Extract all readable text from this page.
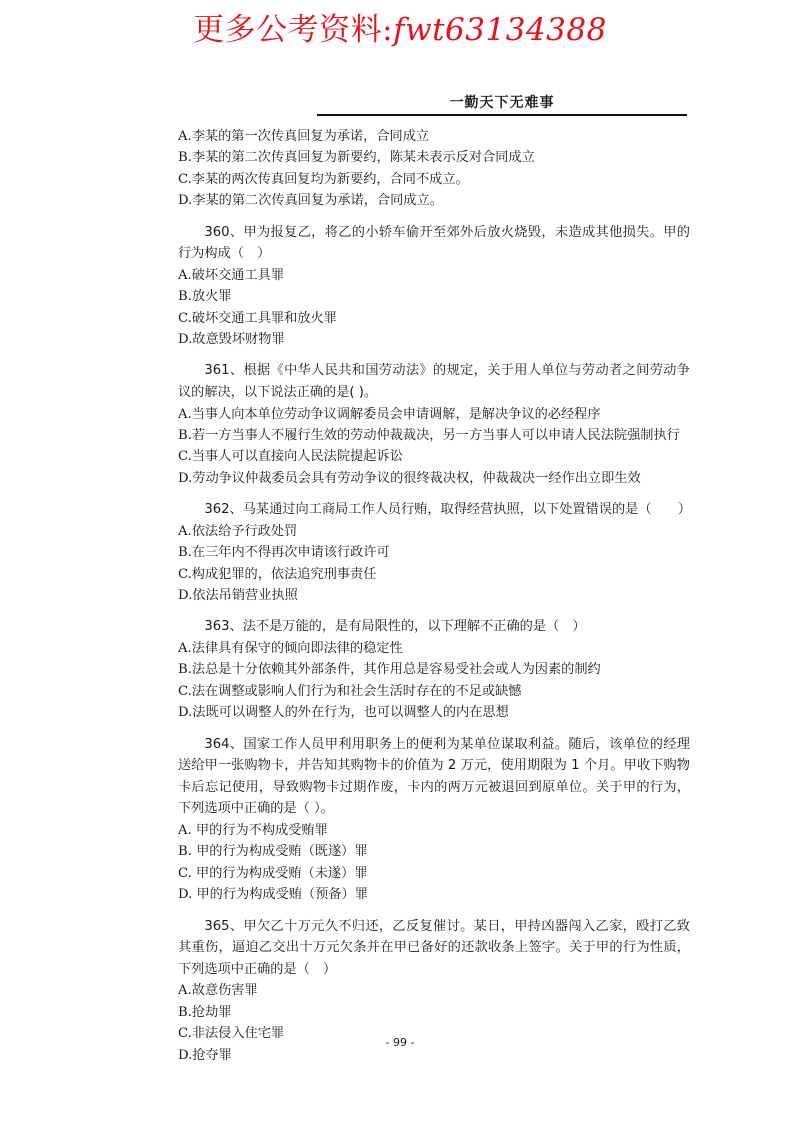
更多公考资料:fwt63134388
一勤天下无难事

A.李某的第一次传真回复为承诺，合同成立

B.李某的第二次传真回复为新要约，陈某未表示反对合同成立

C.李某的两次传真回复均为新要约，合同不成立。

D.李某的第二次传真回复为承诺，合同成立。

360、甲为报复乙，将乙的小轿车偷开至郊外后放火烧毁，未造成其他损失。甲的行为构成（　）

A.破坏交通工具罪

B.放火罪

C.破坏交通工具罪和放火罪

D.故意毁坏财物罪

361、根据《中华人民共和国劳动法》的规定，关于用人单位与劳动者之间劳动争议的解决，以下说法正确的是( )。

A.当事人向本单位劳动争议调解委员会申请调解，是解决争议的必经程序

B.若一方当事人不履行生效的劳动仲裁裁决，另一方当事人可以申请人民法院强制执行

C.当事人可以直接向人民法院提起诉讼

D.劳动争议仲裁委员会具有劳动争议的很终裁决权，仲裁裁决一经作出立即生效

362、马某通过向工商局工作人员行贿，取得经营执照，以下处置错误的是（　　）

A.依法给予行政处罚

B.在三年内不得再次申请该行政许可

C.构成犯罪的，依法追究刑事责任

D.依法吊销营业执照

363、法不是万能的，是有局限性的，以下理解不正确的是（　）

A.法律具有保守的倾向即法律的稳定性

B.法总是十分依赖其外部条件，其作用总是容易受社会或人为因素的制约

C.法在调整或影响人们行为和社会生活时存在的不足或缺憾

D.法既可以调整人的外在行为，也可以调整人的内在思想

364、国家工作人员甲利用职务上的便利为某单位谋取利益。随后，该单位的经理送给甲一张购物卡，并告知其购物卡的价值为 2 万元，使用期限为 1 个月。甲收下购物卡后忘记使用，导致购物卡过期作废，卡内的两万元被退回到原单位。关于甲的行为，下列选项中正确的是（ ）。

A. 甲的行为不构成受贿罪

B. 甲的行为构成受贿（既遂）罪

C. 甲的行为构成受贿（未遂）罪

D. 甲的行为构成受贿（预备）罪

365、甲欠乙十万元久不归还，乙反复催讨。某日，甲持凶器闯入乙家，殴打乙致其重伤，逼迫乙交出十万元欠条并在甲已备好的还款收条上签字。关于甲的行为性质，下列选项中正确的是（　）

A.故意伤害罪

B.抢劫罪

C.非法侵入住宅罪

D.抢夺罪

- 99 -
